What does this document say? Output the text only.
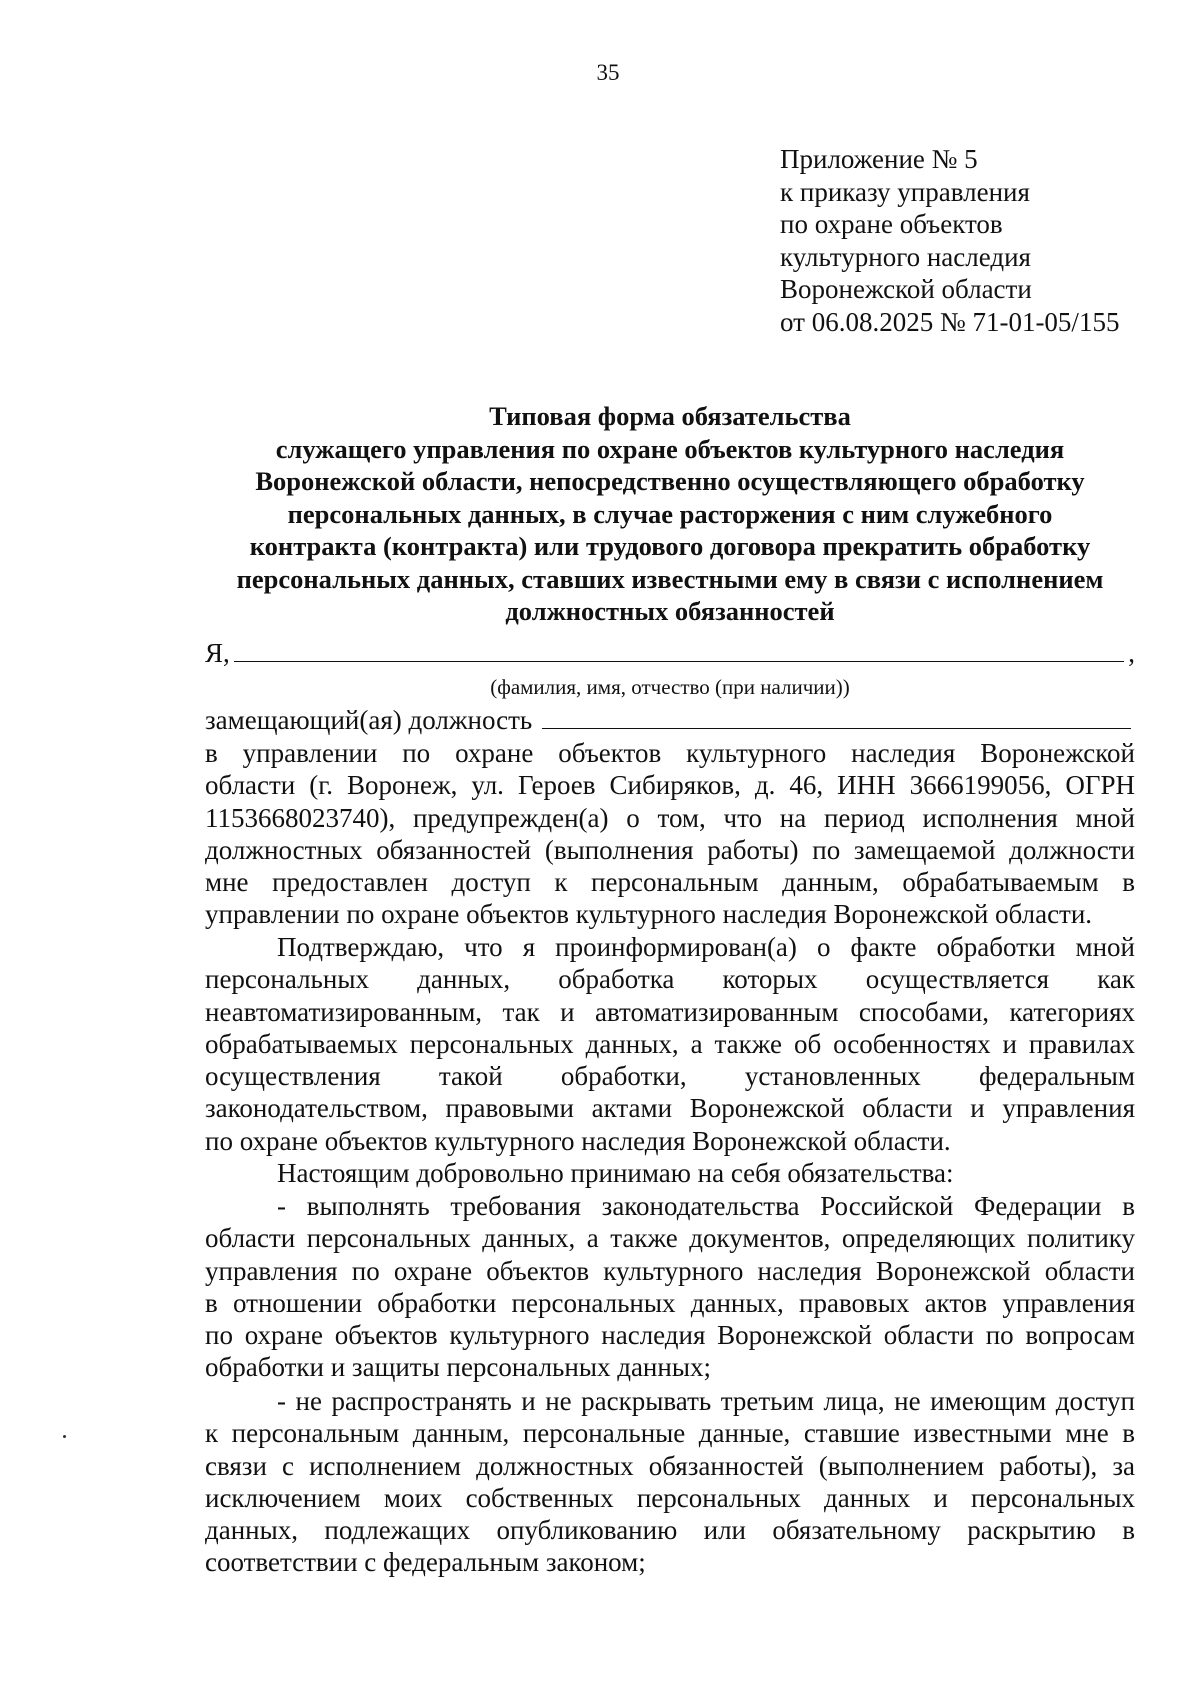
35
Приложение № 5
к приказу управления
по охране объектов
культурного наследия
Воронежской области
от 06.08.2025 № 71-01-05/155
Типовая форма обязательства
служащего управления по охране объектов культурного наследия
Воронежской области, непосредственно осуществляющего обработку
персональных данных, в случае расторжения с ним служебного
контракта (контракта) или трудового договора прекратить обработку
персональных данных, ставших известными ему в связи с исполнением
должностных обязанностей
Я,	,
(фамилия, имя, отчество (при наличии))
замещающий(ая) должность
в управлении по охране объектов культурного наследия Воронежской
области (г. Воронеж, ул. Героев Сибиряков, д. 46, ИНН 3666199056, ОГРН
1153668023740), предупрежден(а) о том, что на период исполнения мной
должностных обязанностей (выполнения работы) по замещаемой должности
мне предоставлен доступ к персональным данным, обрабатываемым в
управлении по охране объектов культурного наследия Воронежской области.
Подтверждаю, что я проинформирован(а) о факте обработки мной
персональных данных, обработка которых осуществляется как
неавтоматизированным, так и автоматизированным способами, категориях
обрабатываемых персональных данных, а также об особенностях и правилах
осуществления такой обработки, установленных федеральным
законодательством, правовыми актами Воронежской области и управления
по охране объектов культурного наследия Воронежской области.
Настоящим добровольно принимаю на себя обязательства:
- выполнять требования законодательства Российской Федерации в
области персональных данных, а также документов, определяющих политику
управления по охране объектов культурного наследия Воронежской области
в отношении обработки персональных данных, правовых актов управления
по охране объектов культурного наследия Воронежской области по вопросам
обработки и защиты персональных данных;
- не распространять и не раскрывать третьим лица, не имеющим доступ
к персональным данным, персональные данные, ставшие известными мне в
связи с исполнением должностных обязанностей (выполнением работы), за
исключением моих собственных персональных данных и персональных
данных, подлежащих опубликованию или обязательному раскрытию в
соответствии с федеральным законом;
